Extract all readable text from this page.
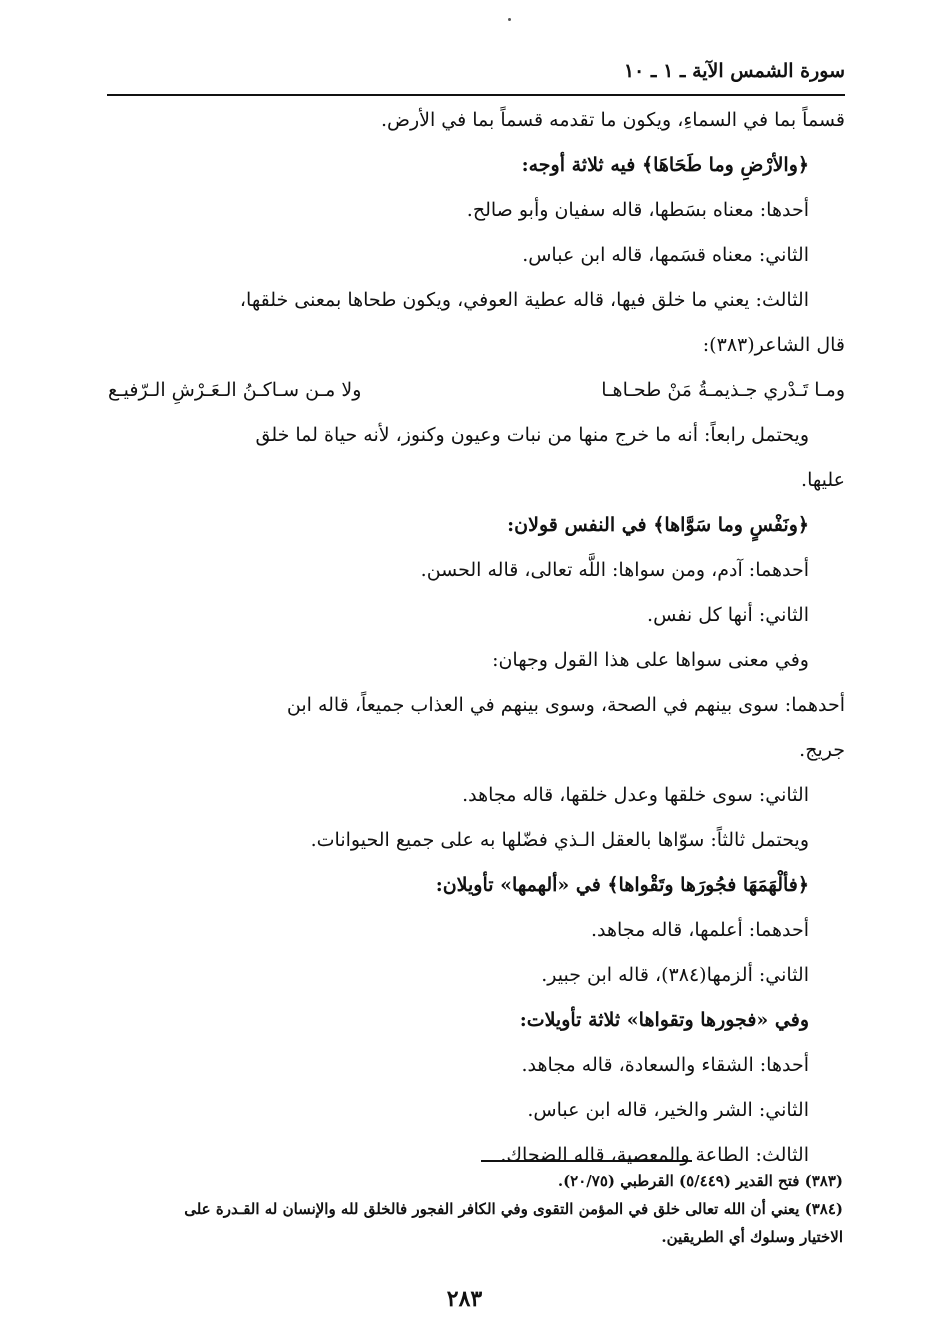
سورة الشمس الآية ـ ١ ـ ١٠
قسماً بما في السماءِ، ويكون ما تقدمه قسماً بما في الأرض.
﴿والأرْضِ وما طَحَاهَا﴾ فيه ثلاثة أوجه:
أحدها: معناه بسَطها، قاله سفيان وأبو صالح.
الثاني: معناه قسَمها، قاله ابن عباس.
الثالث: يعني ما خلق فيها، قاله عطية العوفي، ويكون طحاها بمعنى خلقها،
قال الشاعر(٣٨٣):
ومـا تَـدْري جـذيمـةُ مَنْ طحـاهـا
ولا مـن سـاكـنُ الـعَـرْشِ الـرّفيـع
ويحتمل رابعاً: أنه ما خرج منها من نبات وعيون وكنوز، لأنه حياة لما خلق
عليها.
﴿ونَفْسٍ وما سَوَّاها﴾ في النفس قولان:
أحدهما: آدم، ومن سواها: اللَّه تعالى، قاله الحسن.
الثاني: أنها كل نفس.
وفي معنى سواها على هذا القول وجهان:
أحدهما: سوى بينهم في الصحة، وسوى بينهم في العذاب جميعاً، قاله ابن
جريج.
الثاني: سوى خلقها وعدل خلقها، قاله مجاهد.
ويحتمل ثالثاً: سوّاها بالعقل الـذي فضّلها به على جميع الحيوانات.
﴿فألْهَمَهَا فجُورَها وتَقْواها﴾ في «ألهمها» تأويلان:
أحدهما: أعلمها، قاله مجاهد.
الثاني: ألزمها(٣٨٤)، قاله ابن جبير.
وفي «فجورها وتقواها» ثلاثة تأويلات:
أحدها: الشقاء والسعادة، قاله مجاهد.
الثاني: الشر والخير، قاله ابن عباس.
الثالث: الطاعة والمعصية، قاله الضحاك.
(٣٨٣) فتح القدير (٥/٤٤٩) القرطبي (٢٠/٧٥).
(٣٨٤) يعني أن الله تعالى خلق في المؤمن التقوى وفي الكافر الفجور فالخلق لله والإنسان له القـدرة على
الاختيار وسلوك أي الطريقين.
٢٨٣
